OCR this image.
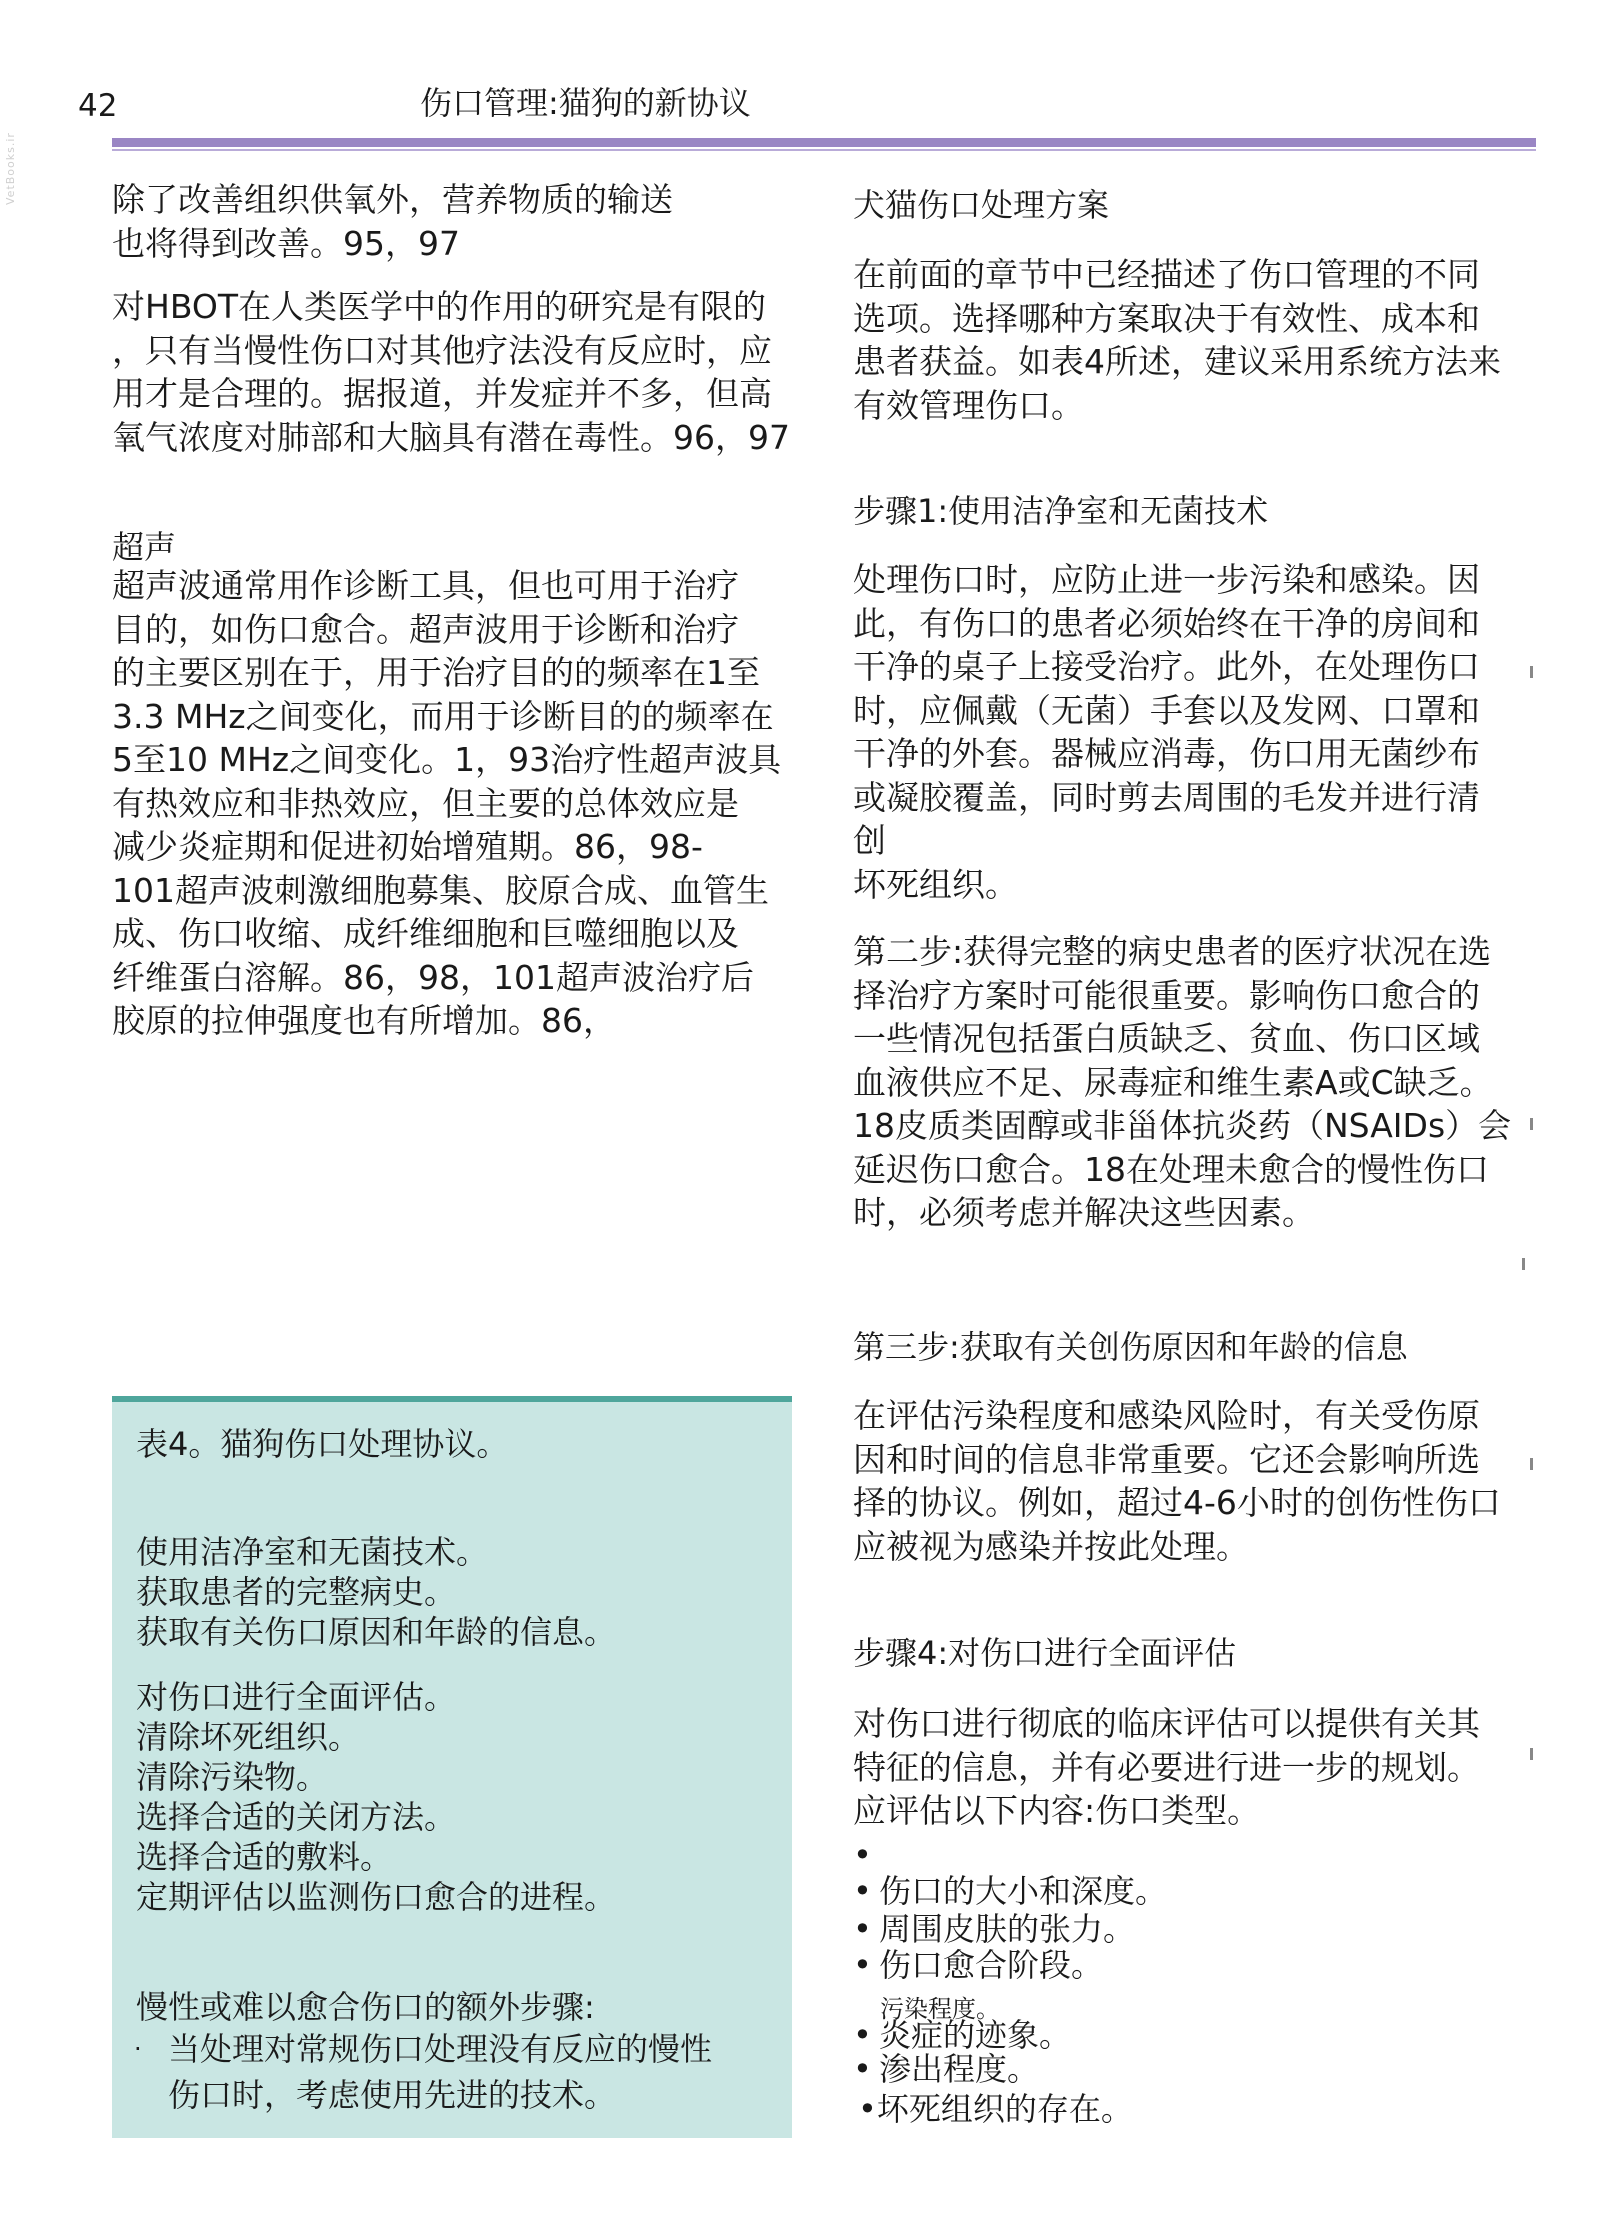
42	伤口管理:猫狗的新协议
VetBooks.ir	除了改善组织供氧外，营养物质的输送
也将得到改善。95，97

对HBOT在人类医学中的作用的研究是有限的
，只有当慢性伤口对其他疗法没有反应时，应
用才是合理的。据报道，并发症并不多，但高
氧气浓度对肺部和大脑具有潜在毒性。96，97

超声

超声波通常用作诊断工具，但也可用于治疗
目的，如伤口愈合。超声波用于诊断和治疗
的主要区别在于，用于治疗目的的频率在1至
3.3 MHz之间变化，而用于诊断目的的频率在
5至10 MHz之间变化。1，93治疗性超声波具
有热效应和非热效应，但主要的总体效应是
减少炎症期和促进初始增殖期。86，98-
101超声波刺激细胞募集、胶原合成、血管生
成、伤口收缩、成纤维细胞和巨噬细胞以及
纤维蛋白溶解。86，98，101超声波治疗后
胶原的拉伸强度也有所增加。86，

表4。猫狗伤口处理协议。
使用洁净室和无菌技术。
获取患者的完整病史。
获取有关伤口原因和年龄的信息。
对伤口进行全面评估。
清除坏死组织。
清除污染物。
选择合适的关闭方法。
选择合适的敷料。
定期评估以监测伤口愈合的进程。
慢性或难以愈合伤口的额外步骤:
· 当处理对常规伤口处理没有反应的慢性
伤口时，考虑使用先进的技术。

犬猫伤口处理方案

在前面的章节中已经描述了伤口管理的不同
选项。选择哪种方案取决于有效性、成本和
患者获益。如表4所述，建议采用系统方法来
有效管理伤口。

步骤1:使用洁净室和无菌技术

处理伤口时，应防止进一步污染和感染。因
此，有伤口的患者必须始终在干净的房间和
干净的桌子上接受治疗。此外，在处理伤口
时，应佩戴（无菌）手套以及发网、口罩和
干净的外套。器械应消毒，伤口用无菌纱布
或凝胶覆盖，同时剪去周围的毛发并进行清
创
坏死组织。

第二步:获得完整的病史患者的医疗状况在选
择治疗方案时可能很重要。影响伤口愈合的
一些情况包括蛋白质缺乏、贫血、伤口区域
血液供应不足、尿毒症和维生素A或C缺乏。
18皮质类固醇或非甾体抗炎药（NSAIDs）会
延迟伤口愈合。18在处理未愈合的慢性伤口
时，必须考虑并解决这些因素。

第三步:获取有关创伤原因和年龄的信息

在评估污染程度和感染风险时，有关受伤原
因和时间的信息非常重要。它还会影响所选
择的协议。例如，超过4-6小时的创伤性伤口
应被视为感染并按此处理。

步骤4:对伤口进行全面评估

对伤口进行彻底的临床评估可以提供有关其
特征的信息，并有必要进行进一步的规划。
应评估以下内容:伤口类型。

•
• 伤口的大小和深度。
• 周围皮肤的张力。
• 伤口愈合阶段。
污染程度。
• 炎症的迹象。
• 渗出程度。
•坏死组织的存在。
